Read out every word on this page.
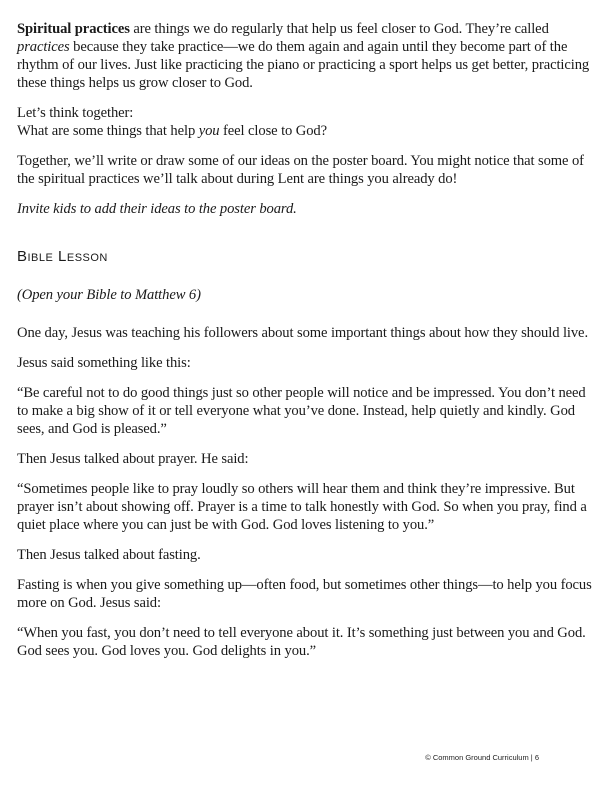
Spiritual practices are things we do regularly that help us feel closer to God. They’re called practices because they take practice—we do them again and again until they become part of the rhythm of our lives. Just like practicing the piano or practicing a sport helps us get better, practicing these things helps us grow closer to God.

Let’s think together:
What are some things that help you feel close to God?

Together, we’ll write or draw some of our ideas on the poster board. You might notice that some of the spiritual practices we’ll talk about during Lent are things you already do!

Invite kids to add their ideas to the poster board.

Bible Lesson

(Open your Bible to Matthew 6)

One day, Jesus was teaching his followers about some important things about how they should live.

Jesus said something like this:

“Be careful not to do good things just so other people will notice and be impressed. You don’t need to make a big show of it or tell everyone what you’ve done. Instead, help quietly and kindly. God sees, and God is pleased.”

Then Jesus talked about prayer. He said:

“Sometimes people like to pray loudly so others will hear them and think they’re impressive. But prayer isn’t about showing off. Prayer is a time to talk honestly with God. So when you pray, find a quiet place where you can just be with God. God loves listening to you.”

Then Jesus talked about fasting.

Fasting is when you give something up—often food, but sometimes other things—to help you focus more on God. Jesus said:

“When you fast, you don’t need to tell everyone about it. It’s something just between you and God. God sees you. God loves you. God delights in you.”

© Common Ground Curriculum | 6
